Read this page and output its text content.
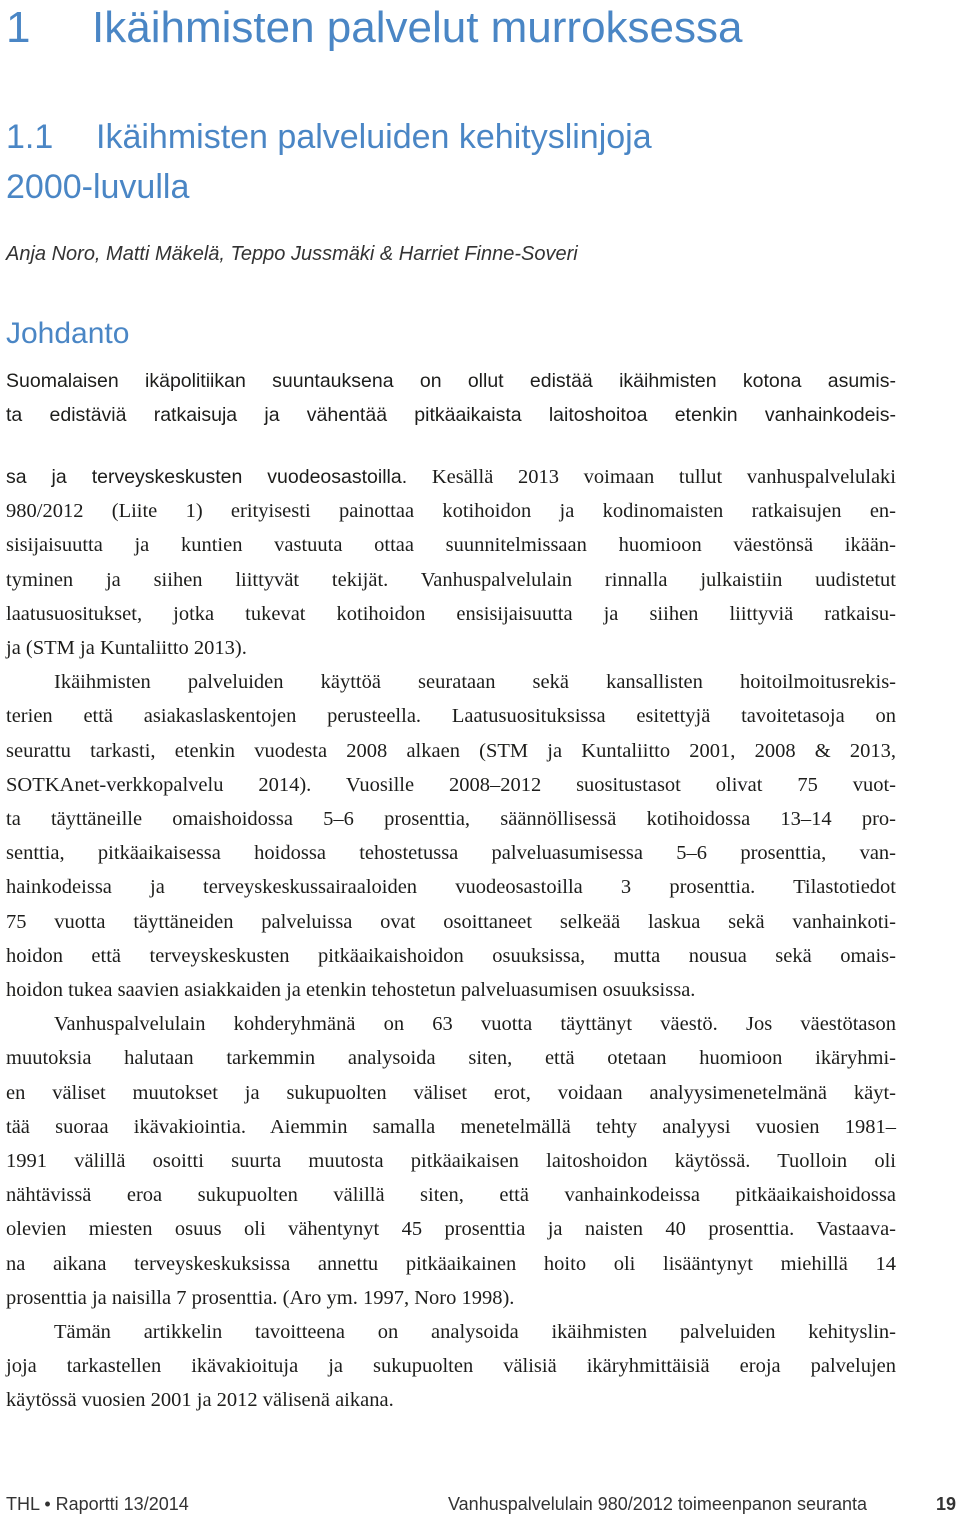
1 Ikäihmisten palvelut murroksessa
1.1 Ikäihmisten palveluiden kehityslinjoja
2000-luvulla

Anja Noro, Matti Mäkelä, Teppo Jussmäki & Harriet Finne-Soveri

Johdanto
Suomalaisen ikäpolitiikan suuntauksena on ollut edistää ikäihmisten kotona asumis-
ta edistäviä ratkaisuja ja vähentää pitkäaikaista laitoshoitoa etenkin vanhainkodeis-
sa ja terveyskeskusten vuodeosastoilla. Kesällä 2013 voimaan tullut vanhuspalvelulaki
980/2012 (Liite 1) erityisesti painottaa kotihoidon ja kodinomaisten ratkaisujen en-
sisijaisuutta ja kuntien vastuuta ottaa suunnitelmissaan huomioon väestönsä ikään-
tyminen ja siihen liittyvät tekijät. Vanhuspalvelulain rinnalla julkaistiin uudistetut
laatusuositukset, jotka tukevat kotihoidon ensisijaisuutta ja siihen liittyviä ratkaisu-
ja (STM ja Kuntaliitto 2013).
Ikäihmisten palveluiden käyttöä seurataan sekä kansallisten hoitoilmoitusrekis-
terien että asiakaslaskentojen perusteella. Laatusuosituksissa esitettyjä tavoitetasoja on
seurattu tarkasti, etenkin vuodesta 2008 alkaen (STM ja Kuntaliitto 2001, 2008 & 2013,
SOTKAnet-verkkopalvelu 2014). Vuosille 2008–2012 suositustasot olivat 75 vuot-
ta täyttäneille omaishoidossa 5–6 prosenttia, säännöllisessä kotihoidossa 13–14 pro-
senttia, pitkäaikaisessa hoidossa tehostetussa palveluasumisessa 5–6 prosenttia, van-
hainkodeissa ja terveyskeskussairaaloiden vuodeosastoilla 3 prosenttia. Tilastotiedot
75 vuotta täyttäneiden palveluissa ovat osoittaneet selkeää laskua sekä vanhainkoti-
hoidon että terveyskeskusten pitkäaikaishoidon osuuksissa, mutta nousua sekä omais-
hoidon tukea saavien asiakkaiden ja etenkin tehostetun palveluasumisen osuuksissa.
Vanhuspalvelulain kohderyhmänä on 63 vuotta täyttänyt väestö. Jos väestötason
muutoksia halutaan tarkemmin analysoida siten, että otetaan huomioon ikäryhmi-
en väliset muutokset ja sukupuolten väliset erot, voidaan analyysimenetelmänä käyt-
tää suoraa ikävakiointia. Aiemmin samalla menetelmällä tehty analyysi vuosien 1981–
1991 välillä osoitti suurta muutosta pitkäaikaisen laitoshoidon käytössä. Tuolloin oli
nähtävissä eroa sukupuolten välillä siten, että vanhainkodeissa pitkäaikaishoidossa
olevien miesten osuus oli vähentynyt 45 prosenttia ja naisten 40 prosenttia. Vastaava-
na aikana terveyskeskuksissa annettu pitkäaikainen hoito oli lisääntynyt miehillä 14
prosenttia ja naisilla 7 prosenttia. (Aro ym. 1997, Noro 1998).
Tämän artikkelin tavoitteena on analysoida ikäihmisten palveluiden kehityslin-
joja tarkastellen ikävakioituja ja sukupuolten välisiä ikäryhmittäisiä eroja palvelujen
käytössä vuosien 2001 ja 2012 välisenä aikana.
THL • Raportti 13/2014	Vanhuspalvelulain 980/2012 toimeenpanon seuranta	19
